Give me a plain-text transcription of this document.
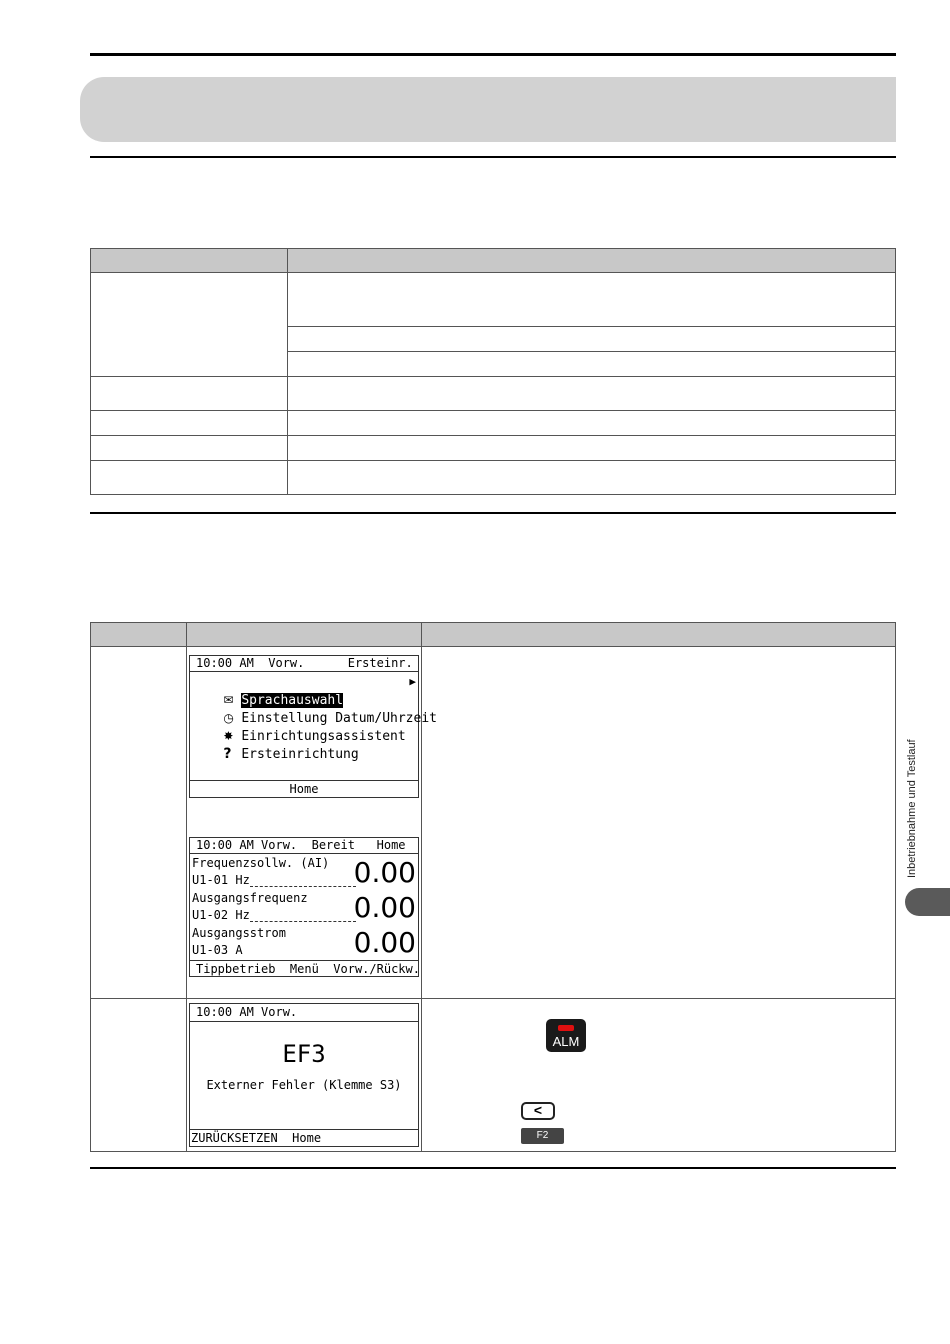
10:00 AM  Vorw.      Ersteinr.

✉ Sprachauswahl

▶

◷ Einstellung Datum/Uhrzeit

✸ Einrichtungsassistent

? Ersteinrichtung

Home
10:00 AM Vorw.  Bereit   Home
Frequenzsollw. (AI)
U1-01 Hz	0.00
Ausgangsfrequenz
U1-02 Hz	0.00
Ausgangsstrom
U1-03 A	0.00
Tippbetrieb  Menü  Vorw./Rückw.
10:00 AM Vorw.
EF3
Externer Fehler (Klemme S3)
ZURÜCKSETZEN  Home
ALM
<
F2
Inbetriebnahme und Testlauf
